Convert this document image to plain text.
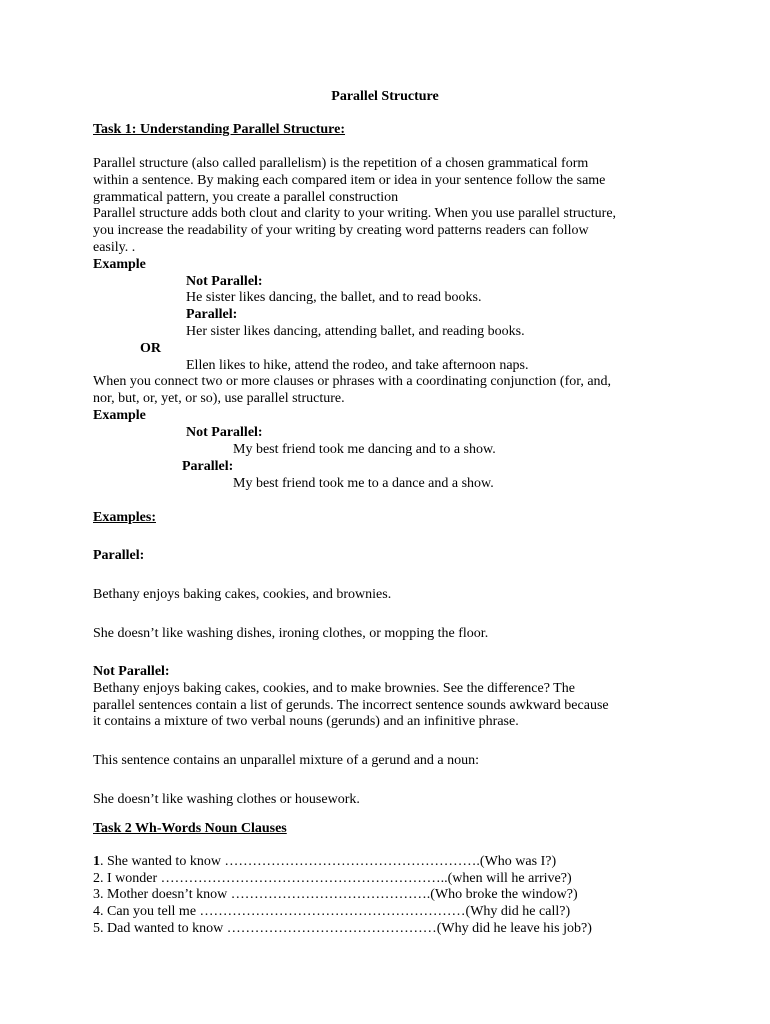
Parallel Structure
Task 1: Understanding Parallel Structure:
Parallel structure (also called parallelism) is the repetition of a chosen grammatical form
within a sentence. By making each compared item or idea in your sentence follow the same
grammatical pattern, you create a parallel construction
Parallel structure adds both clout and clarity to your writing. When you use parallel structure,
you increase the readability of your writing by creating word patterns readers can follow
easily. .
Example
Not Parallel:
He sister likes dancing, the ballet, and to read books.
Parallel:
Her sister likes dancing, attending ballet, and reading books.
OR
Ellen likes to hike, attend the rodeo, and take afternoon naps.
When you connect two or more clauses or phrases with a coordinating conjunction (for, and,
nor, but, or, yet, or so), use parallel structure.
Example
Not Parallel:
My best friend took me dancing and to a show.
Parallel:
My best friend took me to a dance and a show.
Examples:
Parallel:
Bethany enjoys baking cakes, cookies, and brownies.
She doesn’t like washing dishes, ironing clothes, or mopping the floor.
Not Parallel:
Bethany enjoys baking cakes, cookies, and to make brownies. See the difference? The
parallel sentences contain a list of gerunds. The incorrect sentence sounds awkward because
it contains a mixture of two verbal nouns (gerunds) and an infinitive phrase.
This sentence contains an unparallel mixture of a gerund and a noun:
She doesn’t like washing clothes or housework.
Task 2 Wh-Words Noun Clauses
1. She wanted to know ……………………………………………….(Who was I?)
2. I wonder ……………………………………………………..(when will he arrive?)
3. Mother doesn’t know …………………………………….(Who broke the window?)
4. Can you tell me …………………………………………………(Why did he call?)
5. Dad wanted to know ………………………………………(Why did he leave his job?)
